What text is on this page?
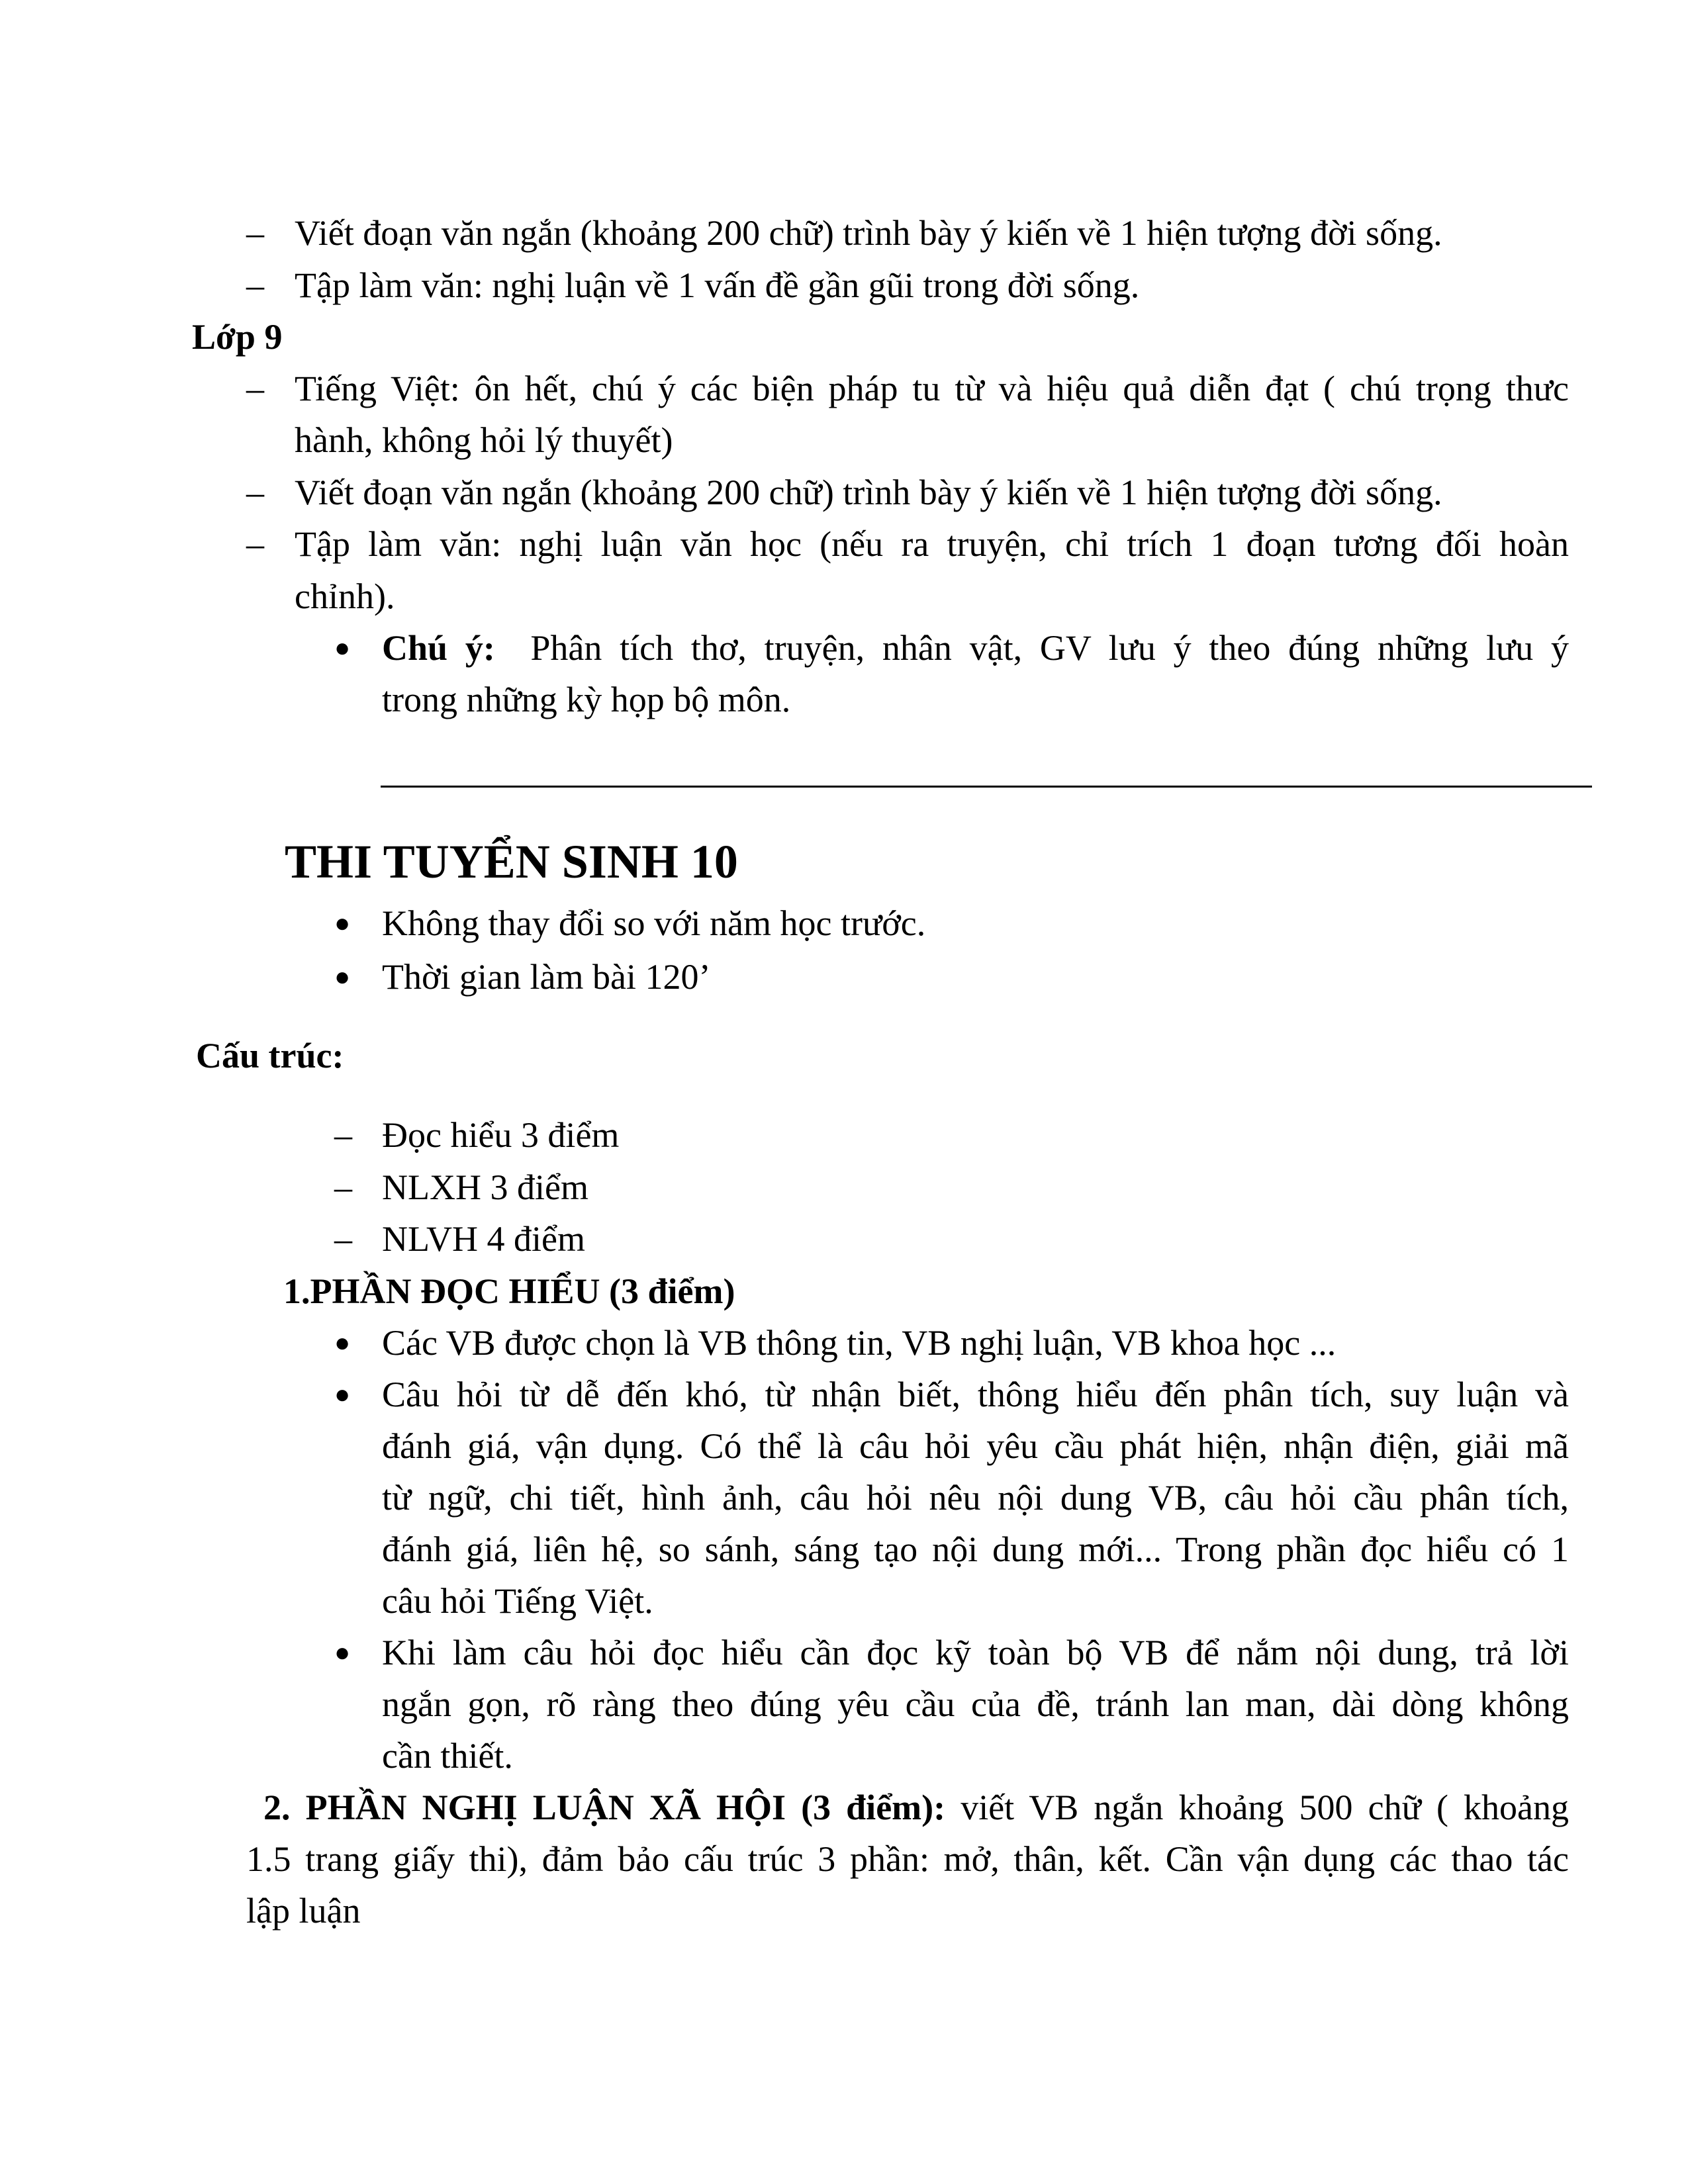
–
Viết đoạn văn ngắn (khoảng 200 chữ) trình bày ý kiến về 1 hiện tượng đời sống.
–
Tập làm văn: nghị luận về 1 vấn đề gần gũi trong đời sống.
Lớp 9
–
Tiếng Việt: ôn hết, chú ý các biện pháp tu từ và hiệu quả diễn đạt ( chú trọng thưc
hành, không hỏi lý thuyết)
–
Viết đoạn văn ngắn (khoảng 200 chữ) trình bày ý kiến về 1 hiện tượng đời sống.
–
Tập làm văn: nghị luận văn học (nếu ra truyện, chỉ trích 1 đoạn tương đối hoàn
chỉnh).
●
Chú ý: Phân tích thơ, truyện, nhân vật, GV lưu ý theo đúng những lưu ý
trong những kỳ họp bộ môn.
THI TUYỂN SINH 10
●
Không thay đổi so với năm học trước.
●
Thời gian làm bài 120’
Cấu trúc:
–
Đọc hiểu 3 điểm
–
NLXH 3 điểm
–
NLVH 4 điểm
1.PHẦN ĐỌC HIỂU (3 điểm)
●
Các VB được chọn là VB thông tin, VB nghị luận, VB khoa học ...
●
Câu hỏi từ dễ đến khó, từ nhận biết, thông hiểu đến phân tích, suy luận và
đánh giá, vận dụng. Có thể là câu hỏi yêu cầu phát hiện, nhận điện, giải mã
từ ngữ, chi tiết, hình ảnh, câu hỏi nêu nội dung VB, câu hỏi cầu phân tích,
đánh giá, liên hệ, so sánh, sáng tạo nội dung mới... Trong phần đọc hiểu có 1
câu hỏi Tiếng Việt.
●
Khi làm câu hỏi đọc hiểu cần đọc kỹ toàn bộ VB để nắm nội dung, trả lời
ngắn gọn, rõ ràng theo đúng yêu cầu của đề, tránh lan man, dài dòng không
cần thiết.
2. PHẦN NGHỊ LUẬN XÃ HỘI (3 điểm): viết VB ngắn khoảng 500 chữ ( khoảng
1.5 trang giấy thi), đảm bảo cấu trúc 3 phần: mở, thân, kết. Cần vận dụng các thao tác
lập luận
